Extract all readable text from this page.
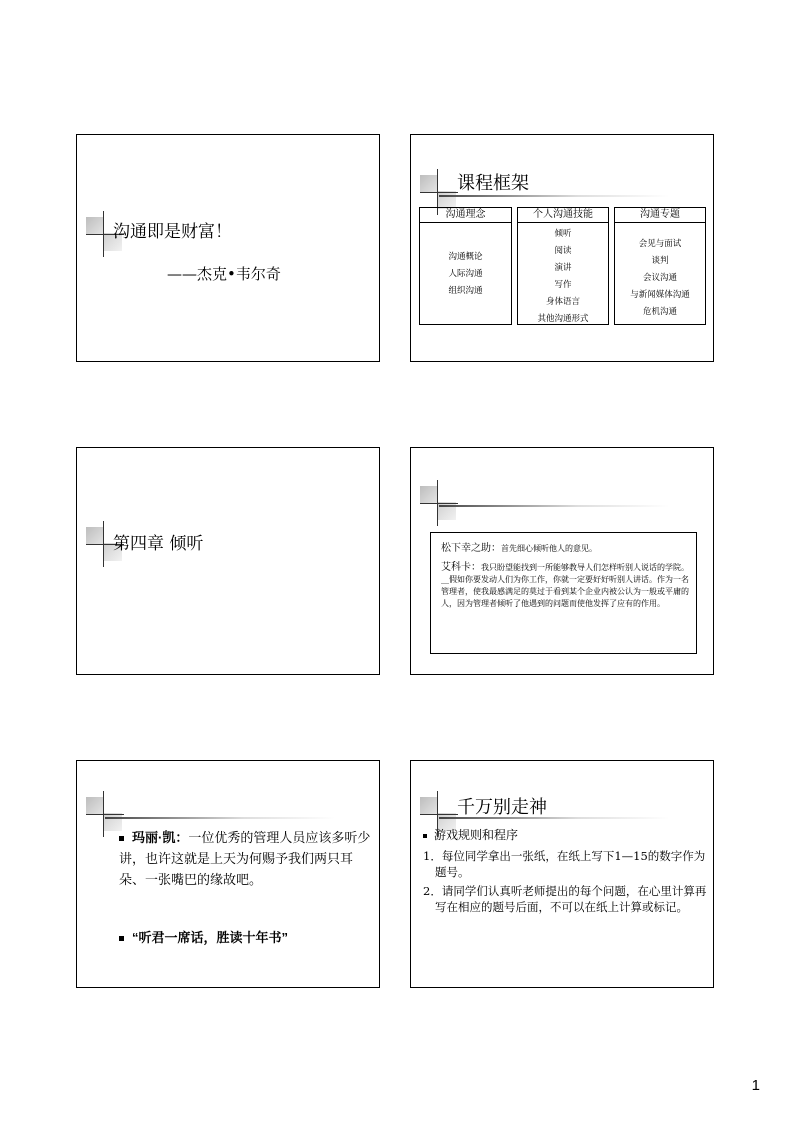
沟通即是财富！
——杰克•韦尔奇
课程框架
沟通理念
沟通概论
人际沟通
组织沟通
个人沟通技能
倾听
阅读
演讲
写作
身体语言
其他沟通形式
沟通专题
会见与面试
谈判
会议沟通
与新闻媒体沟通
危机沟通
第四章 倾听	松下幸之助：首先细心倾听他人的意见。
艾科卡：我只盼望能找到一所能够教导人们怎样听别人说话的学院。__假如你要发动人们为你工作，你就一定要好好听别人讲话。作为一名管理者，使我最感满足的莫过于看到某个企业内被公认为一般或平庸的人，因为管理者倾听了他遇到的问题而使他发挥了应有的作用。
玛丽·凯：一位优秀的管理人员应该多听少讲，也许这就是上天为何赐予我们两只耳朵、一张嘴巴的缘故吧。
“听君一席话，胜读十年书”
千万别走神
游戏规则和程序
1．每位同学拿出一张纸，在纸上写下1—15的数字作为题号。
2．请同学们认真听老师提出的每个问题，在心里计算再写在相应的题号后面，不可以在纸上计算或标记。
1
